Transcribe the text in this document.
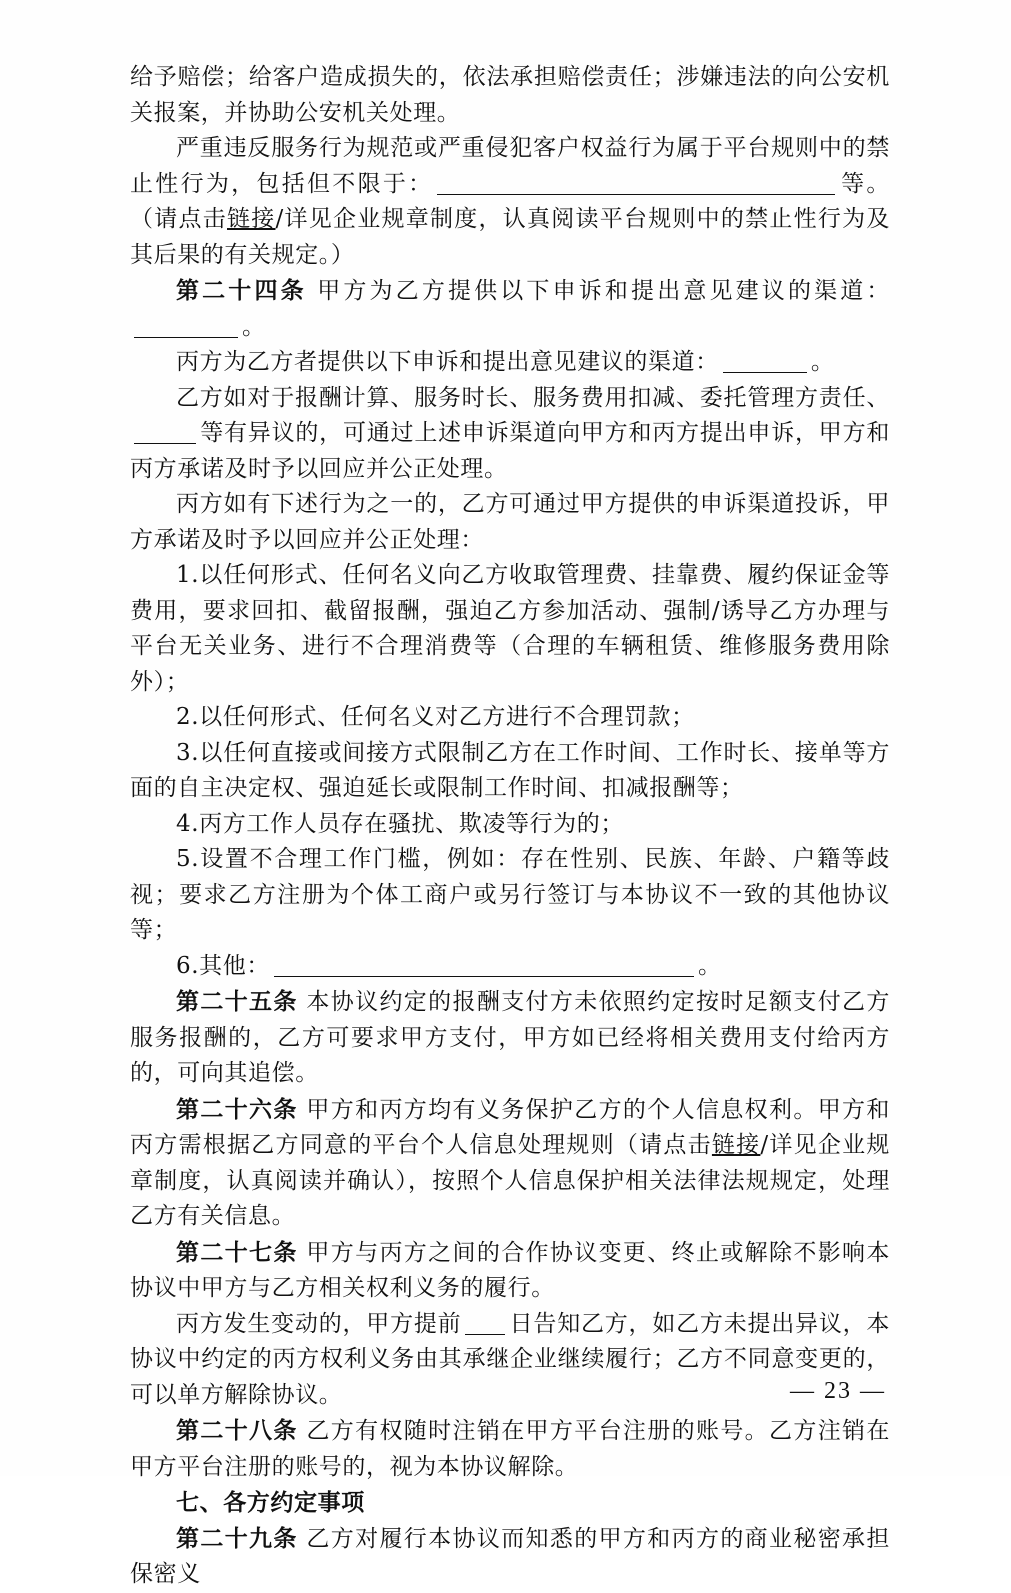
给予赔偿；给客户造成损失的，依法承担赔偿责任；涉嫌违法的向公安机关报案，并协助公安机关处理。

严重违反服务行为规范或严重侵犯客户权益行为属于平台规则中的禁止性行为，包括但不限于：	等。（请点击链接/详见企业规章制度，认真阅读平台规则中的禁止性行为及其后果的有关规定。）

第二十四条 甲方为乙方提供以下申诉和提出意见建议的渠道：。

丙方为乙方者提供以下申诉和提出意见建议的渠道：	。

乙方如对于报酬计算、服务时长、服务费用扣减、委托管理方责任、等有异议的，可通过上述申诉渠道向甲方和丙方提出申诉，甲方和丙方承诺及时予以回应并公正处理。

丙方如有下述行为之一的，乙方可通过甲方提供的申诉渠道投诉，甲方承诺及时予以回应并公正处理：

1.以任何形式、任何名义向乙方收取管理费、挂靠费、履约保证金等费用，要求回扣、截留报酬，强迫乙方参加活动、强制/诱导乙方办理与平台无关业务、进行不合理消费等（合理的车辆租赁、维修服务费用除外）；

2.以任何形式、任何名义对乙方进行不合理罚款；

3.以任何直接或间接方式限制乙方在工作时间、工作时长、接单等方面的自主决定权、强迫延长或限制工作时间、扣减报酬等；

4.丙方工作人员存在骚扰、欺凌等行为的；

5.设置不合理工作门槛，例如：存在性别、民族、年龄、户籍等歧视；要求乙方注册为个体工商户或另行签订与本协议不一致的其他协议等；

6.其他：	。

第二十五条 本协议约定的报酬支付方未依照约定按时足额支付乙方服务报酬的，乙方可要求甲方支付，甲方如已经将相关费用支付给丙方的，可向其追偿。

第二十六条 甲方和丙方均有义务保护乙方的个人信息权利。甲方和丙方需根据乙方同意的平台个人信息处理规则（请点击链接/详见企业规章制度，认真阅读并确认），按照个人信息保护相关法律法规规定，处理乙方有关信息。

第二十七条 甲方与丙方之间的合作协议变更、终止或解除不影响本协议中甲方与乙方相关权利义务的履行。

丙方发生变动的，甲方提前 日告知乙方，如乙方未提出异议，本协议中约定的丙方权利义务由其承继企业继续履行；乙方不同意变更的，可以单方解除协议。

第二十八条 乙方有权随时注销在甲方平台注册的账号。乙方注销在甲方平台注册的账号的，视为本协议解除。

七、各方约定事项

第二十九条 乙方对履行本协议而知悉的甲方和丙方的商业秘密承担保密义

— 23 —
